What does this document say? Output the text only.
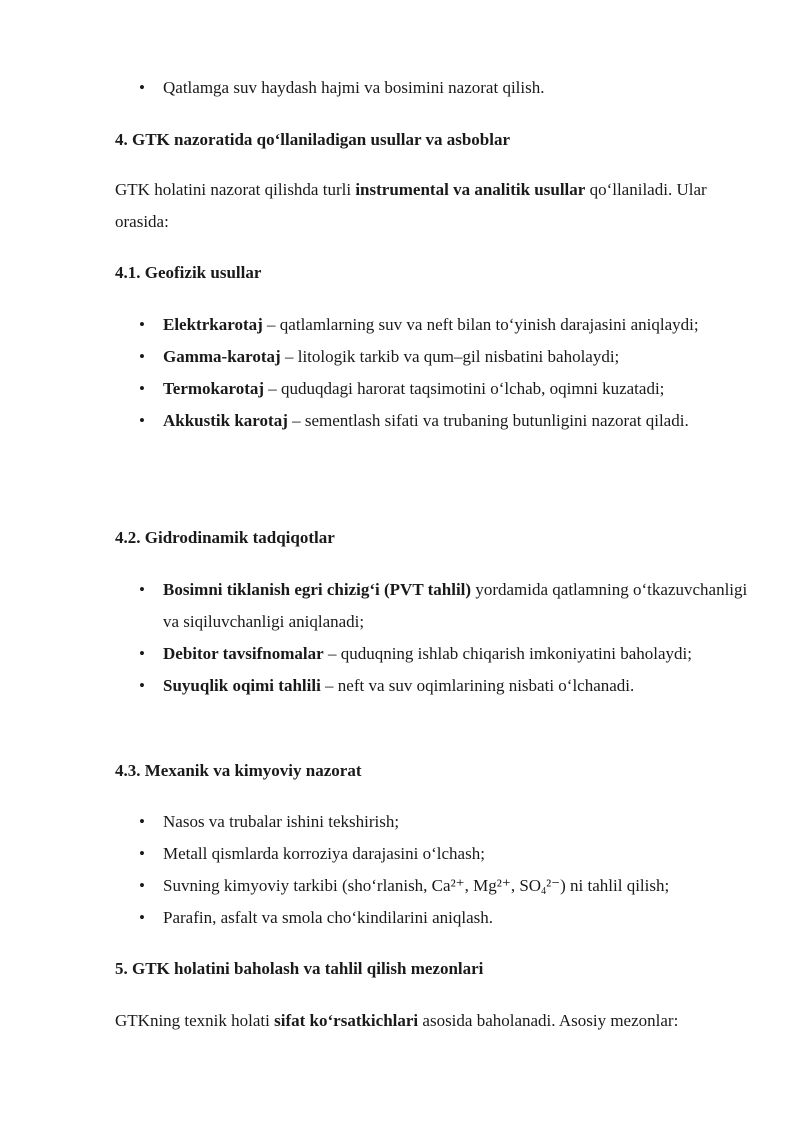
• Qatlamga suv haydash hajmi va bosimini nazorat qilish.

4. GTK nazoratida qo‘llaniladigan usullar va asboblar

GTK holatini nazorat qilishda turli instrumental va analitik usullar qo‘llaniladi. Ular orasida:

4.1. Geofizik usullar

• Elektrkarotaj – qatlamlarning suv va neft bilan to‘yinish darajasini aniqlaydi;
• Gamma-karotaj – litologik tarkib va qum–gil nisbatini baholaydi;
• Termokarotaj – quduqdagi harorat taqsimotini o‘lchab, oqimni kuzatadi;
• Akkustik karotaj – sementlash sifati va trubaning butunligini nazorat qiladi.

4.2. Gidrodinamik tadqiqotlar

• Bosimni tiklanish egri chizig‘i (PVT tahlil) yordamida qatlamning o‘tkazuvchanligi va siqiluvchanligi aniqlanadi;
• Debitor tavsifnomalar – quduqning ishlab chiqarish imkoniyatini baholaydi;
• Suyuqlik oqimi tahlili – neft va suv oqimlarining nisbati o‘lchanadi.

4.3. Mexanik va kimyoviy nazorat

• Nasos va trubalar ishini tekshirish;
• Metall qismlarda korroziya darajasini o‘lchash;
• Suvning kimyoviy tarkibi (sho‘rlanish, Ca²⁺, Mg²⁺, $SO_4^{2-}$) ni tahlil qilish;
• Parafin, asfalt va smola cho‘kindilarini aniqlash.

5. GTK holatini baholash va tahlil qilish mezonlari

GTKning texnik holati sifat ko‘rsatkichlari asosida baholanadi. Asosiy mezonlar:
